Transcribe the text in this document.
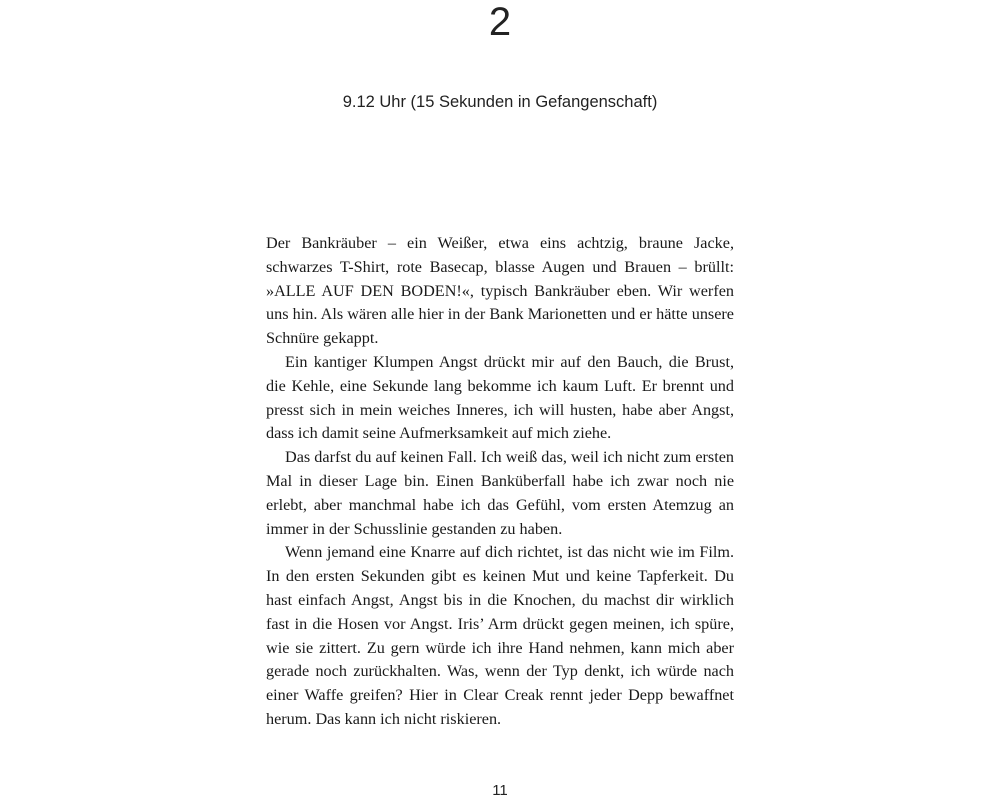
2
9.12 Uhr (15 Sekunden in Gefangenschaft)

Der Bankräuber – ein Weißer, etwa eins achtzig, braune Jacke, schwarzes T-Shirt, rote Basecap, blasse Augen und Brauen – brüllt: »ALLE AUF DEN BODEN!«, typisch Bankräuber eben. Wir werfen uns hin. Als wären alle hier in der Bank Marionetten und er hätte unsere Schnüre gekappt.

Ein kantiger Klumpen Angst drückt mir auf den Bauch, die Brust, die Kehle, eine Sekunde lang bekomme ich kaum Luft. Er brennt und presst sich in mein weiches Inneres, ich will husten, habe aber Angst, dass ich damit seine Aufmerksamkeit auf mich ziehe.

Das darfst du auf keinen Fall. Ich weiß das, weil ich nicht zum ersten Mal in dieser Lage bin. Einen Banküberfall habe ich zwar noch nie erlebt, aber manchmal habe ich das Gefühl, vom ersten Atemzug an immer in der Schusslinie gestanden zu haben.

Wenn jemand eine Knarre auf dich richtet, ist das nicht wie im Film. In den ersten Sekunden gibt es keinen Mut und keine Tapferkeit. Du hast einfach Angst, Angst bis in die Knochen, du machst dir wirklich fast in die Hosen vor Angst. Iris’ Arm drückt gegen meinen, ich spüre, wie sie zittert. Zu gern würde ich ihre Hand nehmen, kann mich aber gerade noch zurückhalten. Was, wenn der Typ denkt, ich würde nach einer Waffe greifen? Hier in Clear Creak rennt jeder Depp bewaffnet herum. Das kann ich nicht riskieren.

11
